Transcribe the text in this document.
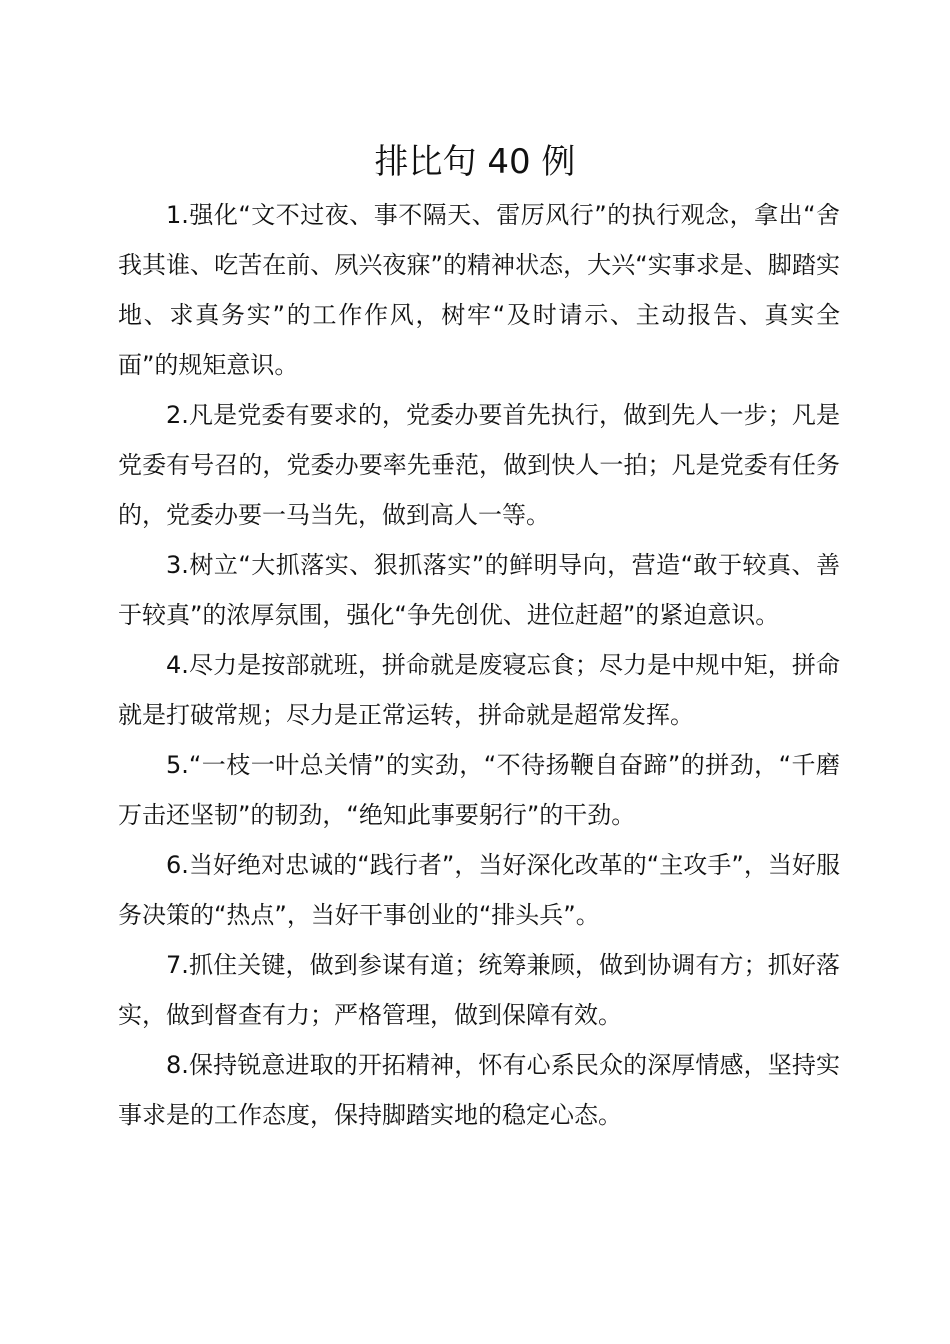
排比句 40 例

1.强化“文不过夜、事不隔天、雷厉风行”的执行观念，拿出“舍我其谁、吃苦在前、夙兴夜寐”的精神状态，大兴“实事求是、脚踏实地、求真务实”的工作作风，树牢“及时请示、主动报告、真实全面”的规矩意识。

2.凡是党委有要求的，党委办要首先执行，做到先人一步；凡是党委有号召的，党委办要率先垂范，做到快人一拍；凡是党委有任务的，党委办要一马当先，做到高人一等。

3.树立“大抓落实、狠抓落实”的鲜明导向，营造“敢于较真、善于较真”的浓厚氛围，强化“争先创优、进位赶超”的紧迫意识。

4.尽力是按部就班，拼命就是废寝忘食；尽力是中规中矩，拼命就是打破常规；尽力是正常运转，拼命就是超常发挥。

5.“一枝一叶总关情”的实劲，“不待扬鞭自奋蹄”的拼劲，“千磨万击还坚韧”的韧劲，“绝知此事要躬行”的干劲。

6.当好绝对忠诚的“践行者”，当好深化改革的“主攻手”，当好服务决策的“热点”，当好干事创业的“排头兵”。

7.抓住关键，做到参谋有道；统筹兼顾，做到协调有方；抓好落实，做到督查有力；严格管理，做到保障有效。

8.保持锐意进取的开拓精神，怀有心系民众的深厚情感，坚持实事求是的工作态度，保持脚踏实地的稳定心态。
